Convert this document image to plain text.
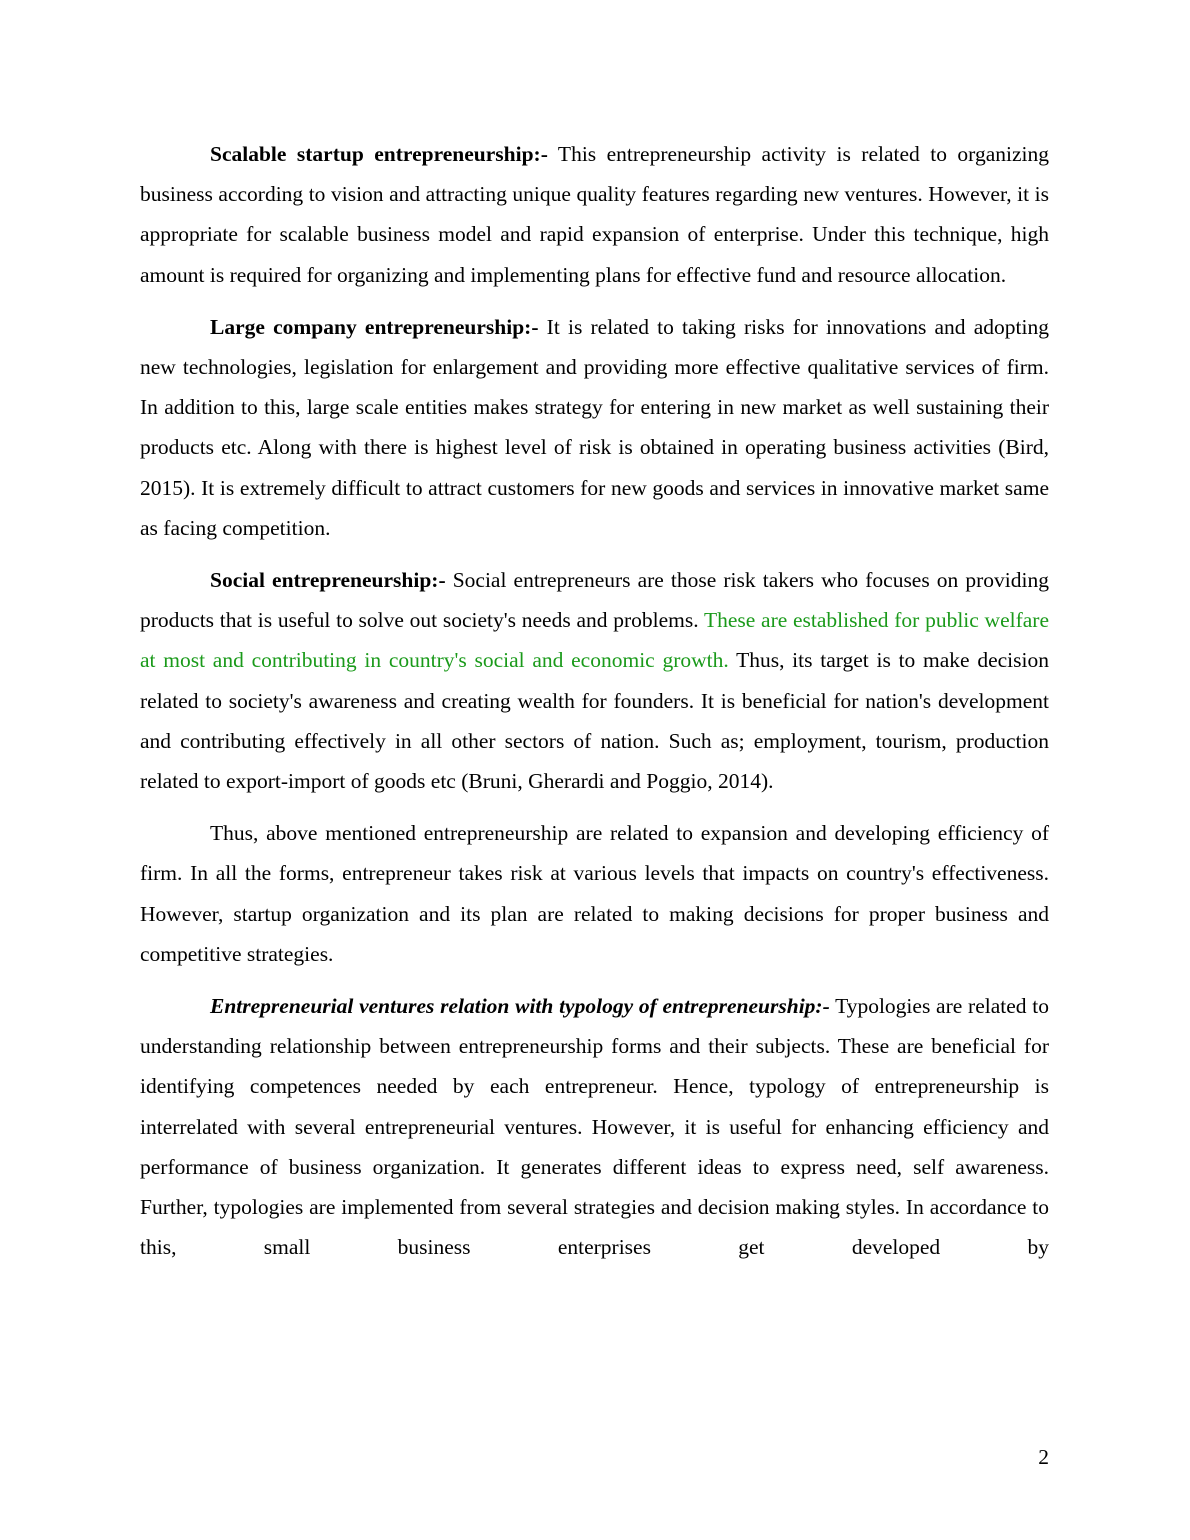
Scalable startup entrepreneurship:- This entrepreneurship activity is related to organizing business according to vision and attracting unique quality features regarding new ventures. However, it is appropriate for scalable business model and rapid expansion of enterprise. Under this technique, high amount is required for organizing and implementing plans for effective fund and resource allocation.

Large company entrepreneurship:- It is related to taking risks for innovations and adopting new technologies, legislation for enlargement and providing more effective qualitative services of firm. In addition to this, large scale entities makes strategy for entering in new market as well sustaining their products etc. Along with there is highest level of risk is obtained in operating business activities (Bird, 2015). It is extremely difficult to attract customers for new goods and services in innovative market same as facing competition.

Social entrepreneurship:- Social entrepreneurs are those risk takers who focuses on providing products that is useful to solve out society's needs and problems. These are established for public welfare at most and contributing in country's social and economic growth. Thus, its target is to make decision related to society's awareness and creating wealth for founders. It is beneficial for nation's development and contributing effectively in all other sectors of nation. Such as; employment, tourism, production related to export-import of goods etc (Bruni, Gherardi and Poggio, 2014).

Thus, above mentioned entrepreneurship are related to expansion and developing efficiency of firm. In all the forms, entrepreneur takes risk at various levels that impacts on country's effectiveness. However, startup organization and its plan are related to making decisions for proper business and competitive strategies.

Entrepreneurial ventures relation with typology of entrepreneurship:- Typologies are related to understanding relationship between entrepreneurship forms and their subjects. These are beneficial for identifying competences needed by each entrepreneur. Hence, typology of entrepreneurship is interrelated with several entrepreneurial ventures. However, it is useful for enhancing efficiency and performance of business organization. It generates different ideas to express need, self awareness. Further, typologies are implemented from several strategies and decision making styles. In accordance to this, small business enterprises get developed by

2
